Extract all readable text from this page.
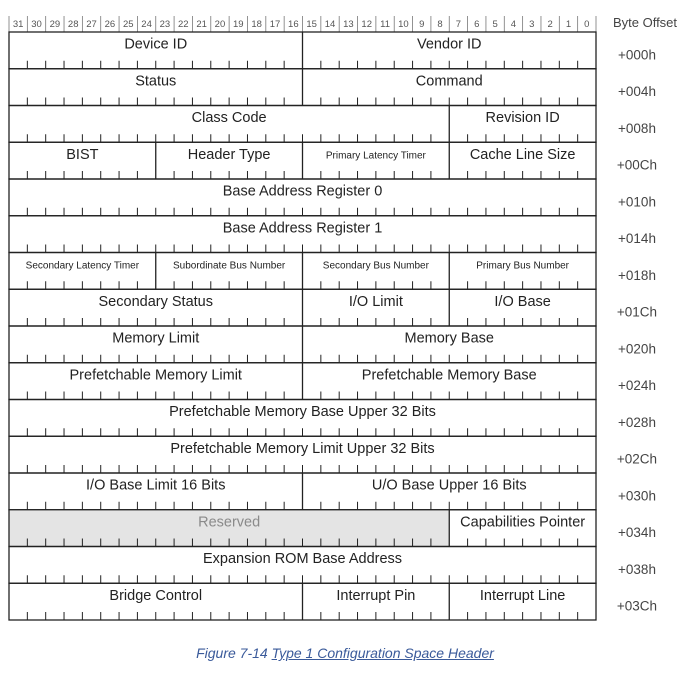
31 30 29 28 27 26 25 24 23 22 21 20 19 18 17 16 15 14 13 12 11 10 9 8 7 6 5 4 3 2 1 0 Byte Offset
Device ID	Vendor ID
+000h
Status	Command
+004h
Class Code	Revision ID
+008h
BIST	Header Type	Primary Latency Timer	Cache Line Size
+00Ch
Base Address Register 0
+010h
Base Address Register 1
+014h
Secondary Latency Timer	Subordinate Bus Number	Secondary Bus Number	Primary Bus Number
+018h
Secondary Status	I/O Limit	I/O Base
+01Ch
Memory Limit	Memory Base
+020h
Prefetchable Memory Limit	Prefetchable Memory Base
+024h
Prefetchable Memory Base Upper 32 Bits
+028h
Prefetchable Memory Limit Upper 32 Bits
+02Ch
I/O Base Limit 16 Bits	U/O Base Upper 16 Bits
+030h
Reserved	Capabilities Pointer
+034h
Expansion ROM Base Address
+038h
Bridge Control	Interrupt Pin	Interrupt Line
+03Ch
Figure 7-14 Type 1 Configuration Space Header
